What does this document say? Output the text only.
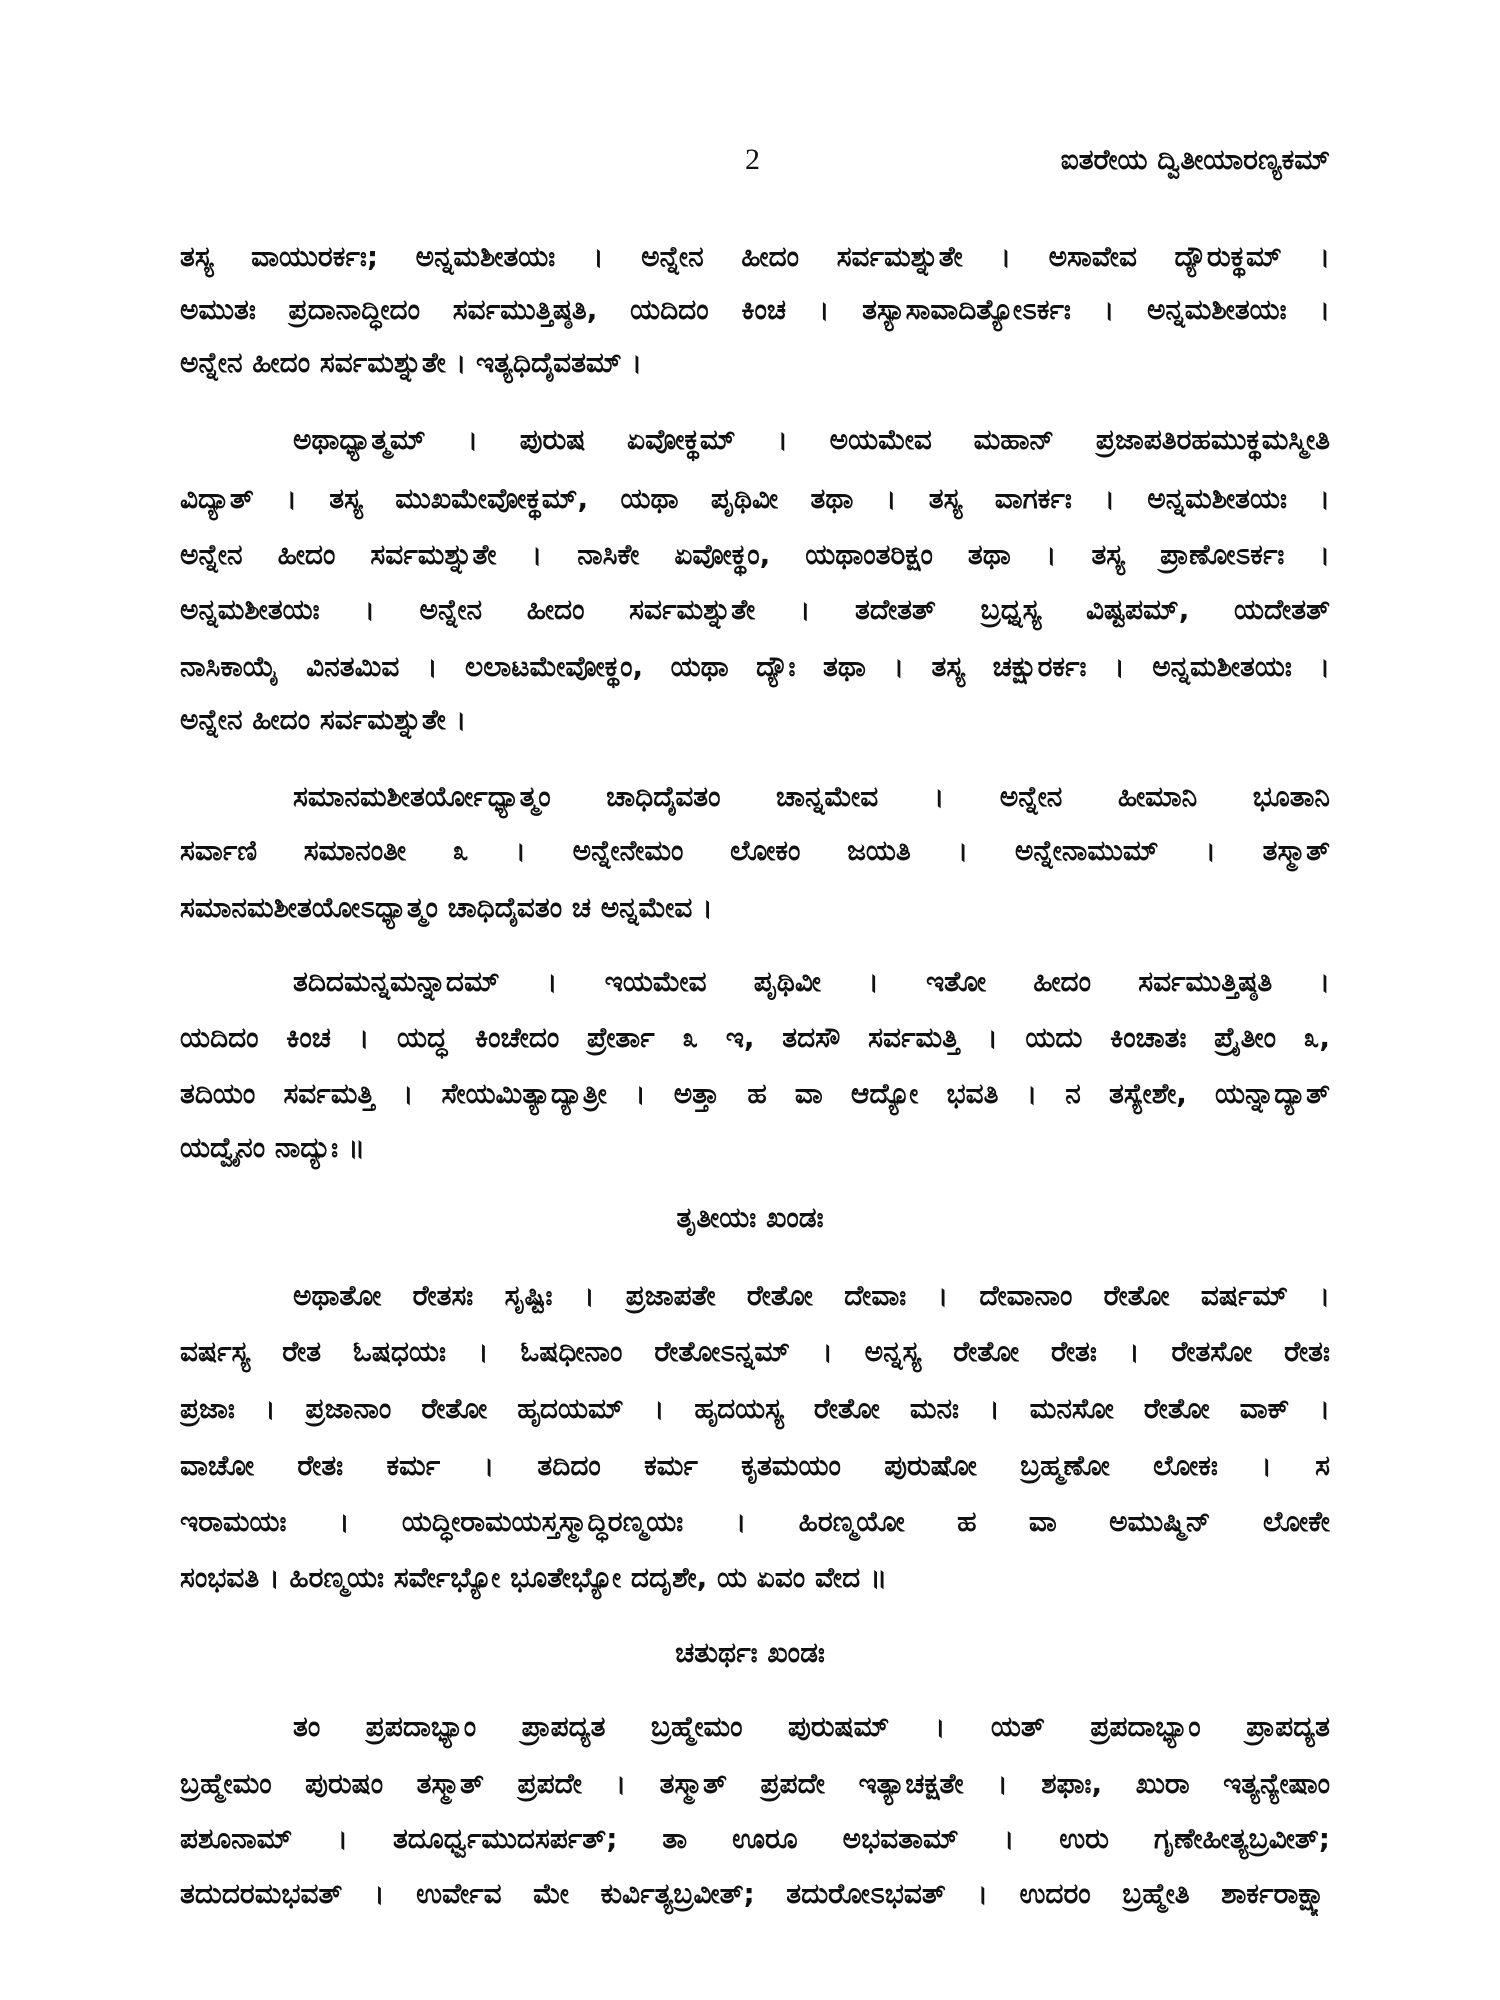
2	ಐತರೇಯ ದ್ವಿತೀಯಾರಣ್ಯಕಮ್
ತಸ್ಯ ವಾಯುರರ್ಕಃ; ಅನ್ನಮಶೀತಯಃ । ಅನ್ನೇನ ಹೀದಂ ಸರ್ವಮಶ್ನುತೇ । ಅಸಾವೇವ ದ್ಯೌರುಕ್ಥಮ್ ।
ಅಮುತಃ ಪ್ರದಾನಾದ್ಧೀದಂ ಸರ್ವಮುತ್ತಿಷ್ಠತಿ, ಯದಿದಂ ಕಿಂಚ । ತಸ್ಯಾಸಾವಾದಿತ್ಯೋಽರ್ಕಃ । ಅನ್ನಮಶೀತಯಃ ।
ಅನ್ನೇನ ಹೀದಂ ಸರ್ವಮಶ್ನುತೇ । ಇತ್ಯಧಿದೈವತಮ್ ।
ಅಥಾಧ್ಯಾತ್ಮಮ್ । ಪುರುಷ ಏವೋಕ್ಥಮ್ । ಅಯಮೇವ ಮಹಾನ್ ಪ್ರಜಾಪತಿರಹಮುಕ್ಥಮಸ್ಮೀತಿ
ವಿದ್ಯಾತ್ । ತಸ್ಯ ಮುಖಮೇವೋಕ್ಥಮ್, ಯಥಾ ಪೃಥಿವೀ ತಥಾ । ತಸ್ಯ ವಾಗರ್ಕಃ । ಅನ್ನಮಶೀತಯಃ ।
ಅನ್ನೇನ ಹೀದಂ ಸರ್ವಮಶ್ನುತೇ । ನಾಸಿಕೇ ಏವೋಕ್ಥಂ, ಯಥಾಂತರಿಕ್ಷಂ ತಥಾ । ತಸ್ಯ ಪ್ರಾಣೋಽರ್ಕಃ ।
ಅನ್ನಮಶೀತಯಃ । ಅನ್ನೇನ ಹೀದಂ ಸರ್ವಮಶ್ನುತೇ । ತದೇತತ್ ಬ್ರಧ್ನಸ್ಯ ವಿಷ್ಟಪಮ್, ಯದೇತತ್
ನಾಸಿಕಾಯೈ ವಿನತಮಿವ । ಲಲಾಟಮೇವೋಕ್ಥಂ, ಯಥಾ ದ್ಯೌಃ ತಥಾ । ತಸ್ಯ ಚಕ್ಷುರರ್ಕಃ । ಅನ್ನಮಶೀತಯಃ ।
ಅನ್ನೇನ ಹೀದಂ ಸರ್ವಮಶ್ನುತೇ ।
ಸಮಾನಮಶೀತರ್ಯೋಧ್ಯಾತ್ಮಂ ಚಾಧಿದೈವತಂ ಚಾನ್ನಮೇವ । ಅನ್ನೇನ ಹೀಮಾನಿ ಭೂತಾನಿ
ಸರ್ವಾಣಿ ಸಮಾನಂತೀ ೩ । ಅನ್ನೇನೇಮಂ ಲೋಕಂ ಜಯತಿ । ಅನ್ನೇನಾಮುಮ್ । ತಸ್ಮಾತ್
ಸಮಾನಮಶೀತಯೋಽಧ್ಯಾತ್ಮಂ ಚಾಧಿದೈವತಂ ಚ ಅನ್ನಮೇವ ।
ತದಿದಮನ್ನಮನ್ನಾದಮ್ । ಇಯಮೇವ ಪೃಥಿವೀ । ಇತೋ ಹೀದಂ ಸರ್ವಮುತ್ತಿಷ್ಠತಿ ।
ಯದಿದಂ ಕಿಂಚ । ಯದ್ಧ ಕಿಂಚೇದಂ ಪ್ರೇರ್ತಾ ೩ ಇ, ತದಸೌ ಸರ್ವಮತ್ತಿ । ಯದು ಕಿಂಚಾತಃ ಪ್ರೈತೀಂ ೩,
ತದಿಯಂ ಸರ್ವಮತ್ತಿ । ಸೇಯಮಿತ್ಯಾದ್ಯಾತ್ರೀ । ಅತ್ತಾ ಹ ವಾ ಆದ್ಯೋ ಭವತಿ । ನ ತಸ್ಯೇಶೇ, ಯನ್ನಾದ್ಯಾತ್
ಯದ್ವೈನಂ ನಾದ್ಯುಃ ॥
ತೃತೀಯಃ ಖಂಡಃ
ಅಥಾತೋ ರೇತಸಃ ಸೃಷ್ಟಿಃ । ಪ್ರಜಾಪತೇ ರೇತೋ ದೇವಾಃ । ದೇವಾನಾಂ ರೇತೋ ವರ್ಷಮ್ ।
ವರ್ಷಸ್ಯ ರೇತ ಓಷಧಯಃ । ಓಷಧೀನಾಂ ರೇತೋಽನ್ನಮ್ । ಅನ್ನಸ್ಯ ರೇತೋ ರೇತಃ । ರೇತಸೋ ರೇತಃ
ಪ್ರಜಾಃ । ಪ್ರಜಾನಾಂ ರೇತೋ ಹೃದಯಮ್ । ಹೃದಯಸ್ಯ ರೇತೋ ಮನಃ । ಮನಸೋ ರೇತೋ ವಾಕ್ ।
ವಾಚೋ ರೇತಃ ಕರ್ಮ । ತದಿದಂ ಕರ್ಮ ಕೃತಮಯಂ ಪುರುಷೋ ಬ್ರಹ್ಮಣೋ ಲೋಕಃ । ಸ
ಇರಾಮಯಃ । ಯದ್ಧೀರಾಮಯಸ್ತಸ್ಮಾದ್ಧಿರಣ್ಮಯಃ । ಹಿರಣ್ಮಯೋ ಹ ವಾ ಅಮುಷ್ಮಿನ್ ಲೋಕೇ
ಸಂಭವತಿ । ಹಿರಣ್ಮಯಃ ಸರ್ವೇಭ್ಯೋ ಭೂತೇಭ್ಯೋ ದದೃಶೇ, ಯ ಏವಂ ವೇದ ॥
ಚತುರ್ಥಃ ಖಂಡಃ
ತಂ ಪ್ರಪದಾಭ್ಯಾಂ ಪ್ರಾಪದ್ಯತ ಬ್ರಹ್ಮೇಮಂ ಪುರುಷಮ್ । ಯತ್ ಪ್ರಪದಾಭ್ಯಾಂ ಪ್ರಾಪದ್ಯತ
ಬ್ರಹ್ಮೇಮಂ ಪುರುಷಂ ತಸ್ಮಾತ್ ಪ್ರಪದೇ । ತಸ್ಮಾತ್ ಪ್ರಪದೇ ಇತ್ಯಾಚಕ್ಷತೇ । ಶಫಾಃ, ಖುರಾ ಇತ್ಯನ್ಯೇಷಾಂ
ಪಶೂನಾಮ್ । ತದೂರ್ಧ್ವಮುದಸರ್ಪತ್; ತಾ ಊರೂ ಅಭವತಾಮ್ । ಉರು ಗೃಣೇಹೀತ್ಯಬ್ರವೀತ್;
ತದುದರಮಭವತ್ । ಉರ್ವೇವ ಮೇ ಕುರ್ವಿತ್ಯಬ್ರವೀತ್; ತದುರೋಽಭವತ್ । ಉದರಂ ಬ್ರಹ್ಮೇತಿ ಶಾರ್ಕರಾಕ್ಷ್ಯಾ
